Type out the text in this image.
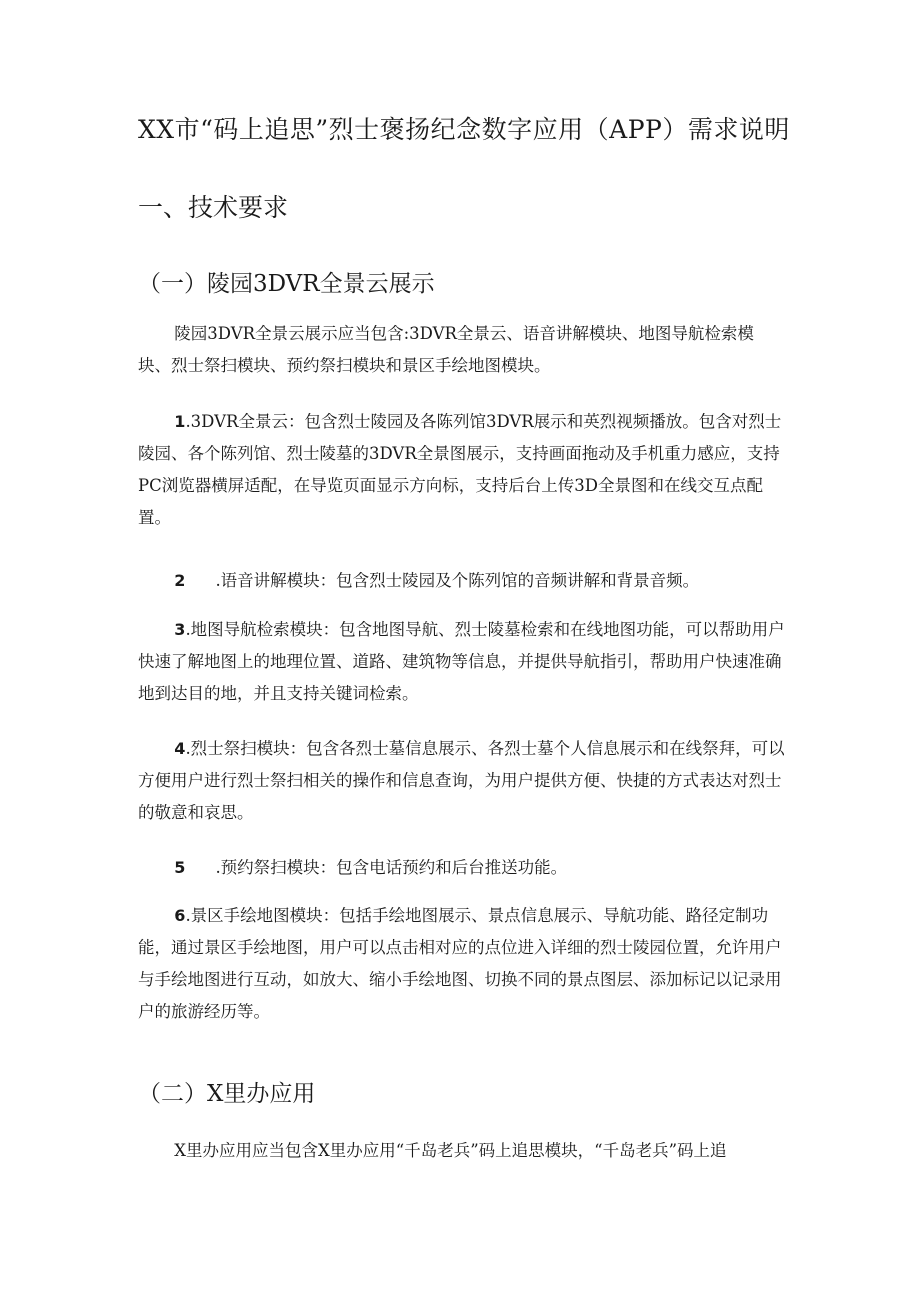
XX市“码上追思”烈士褒扬纪念数字应用（APP）需求说明
一、技术要求
（一）陵园3DVR全景云展示

陵园3DVR全景云展示应当包含:3DVR全景云、语音讲解模块、地图导航检索模块、烈士祭扫模块、预约祭扫模块和景区手绘地图模块。

1.3DVR全景云：包含烈士陵园及各陈列馆3DVR展示和英烈视频播放。包含对烈士陵园、各个陈列馆、烈士陵墓的3DVR全景图展示，支持画面拖动及手机重力感应，支持PC浏览器横屏适配，在导览页面显示方向标，支持后台上传3D全景图和在线交互点配置。

2 .语音讲解模块：包含烈士陵园及个陈列馆的音频讲解和背景音频。

3.地图导航检索模块：包含地图导航、烈士陵墓检索和在线地图功能，可以帮助用户快速了解地图上的地理位置、道路、建筑物等信息，并提供导航指引，帮助用户快速准确地到达目的地，并且支持关键词检索。

4.烈士祭扫模块：包含各烈士墓信息展示、各烈士墓个人信息展示和在线祭拜，可以方便用户进行烈士祭扫相关的操作和信息查询，为用户提供方便、快捷的方式表达对烈士的敬意和哀思。

5 .预约祭扫模块：包含电话预约和后台推送功能。

6.景区手绘地图模块：包括手绘地图展示、景点信息展示、导航功能、路径定制功能，通过景区手绘地图，用户可以点击相对应的点位进入详细的烈士陵园位置，允许用户与手绘地图进行互动，如放大、缩小手绘地图、切换不同的景点图层、添加标记以记录用户的旅游经历等。

（二）X里办应用

X里办应用应当包含X里办应用“千岛老兵”码上追思模块，“千岛老兵”码上追
